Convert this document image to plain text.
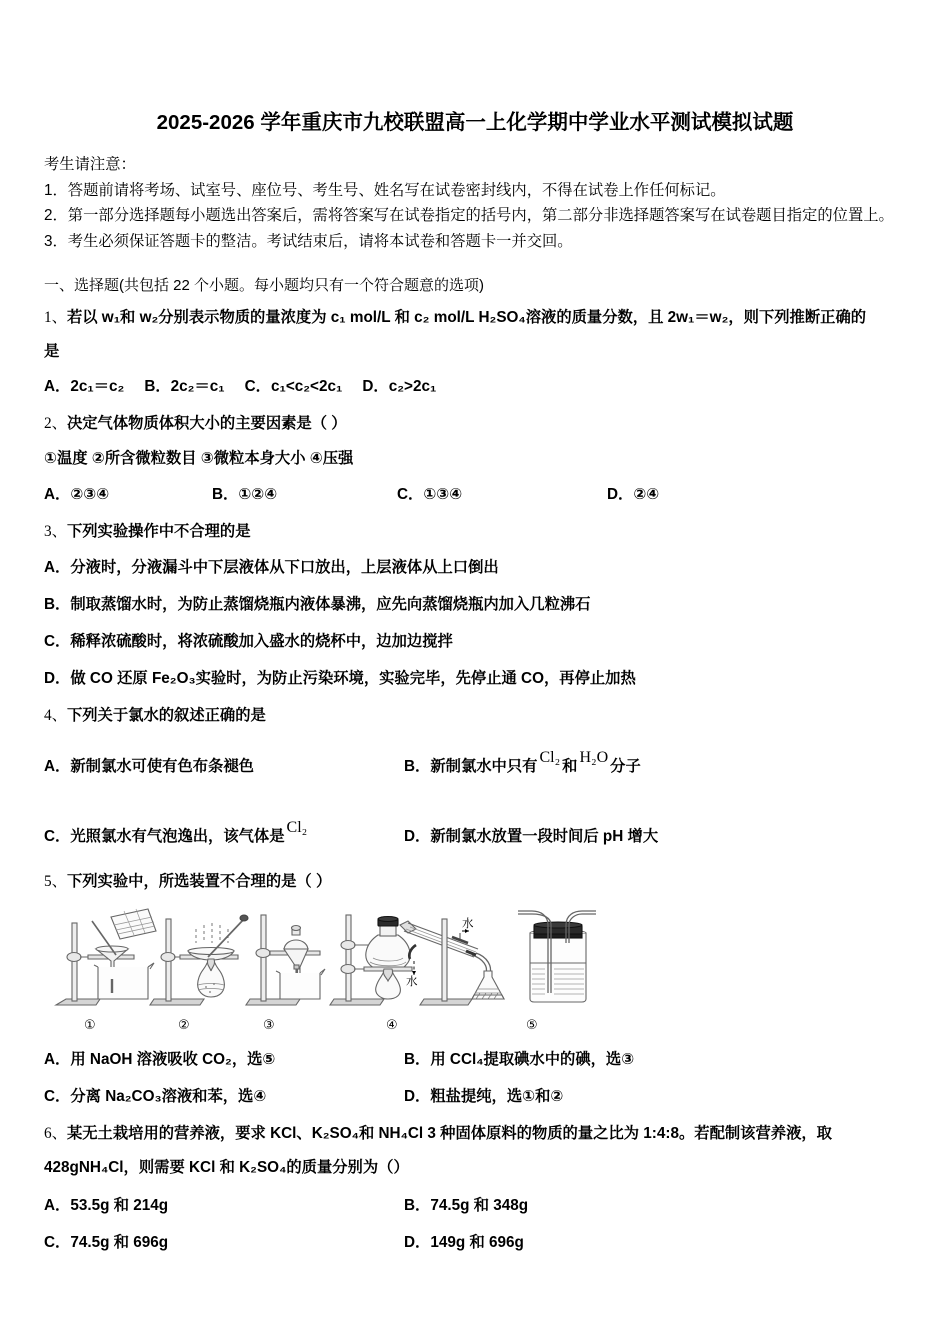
2025-2026 学年重庆市九校联盟高一上化学期中学业水平测试模拟试题
考生请注意：
1．答题前请将考场、试室号、座位号、考生号、姓名写在试卷密封线内，不得在试卷上作任何标记。
2．第一部分选择题每小题选出答案后，需将答案写在试卷指定的括号内，第二部分非选择题答案写在试卷题目指定的位置上。
3．考生必须保证答题卡的整洁。考试结束后，请将本试卷和答题卡一并交回。
一、选择题(共包括 22 个小题。每小题均只有一个符合题意的选项)
1、若以 w₁和 w₂分别表示物质的量浓度为 c₁ mol/L 和 c₂ mol/L H₂SO₄溶液的质量分数，且 2w₁＝w₂，则下列推断正确的
是
A．2c₁＝c₂ B．2c₂＝c₁ C．c₁<c₂<2c₁ D．c₂>2c₁
2、决定气体物质体积大小的主要因素是（ ）
①温度 ②所含微粒数目 ③微粒本身大小 ④压强
A．②③④	B．①②④	C．①③④	D．②④
3、下列实验操作中不合理的是
A．分液时，分液漏斗中下层液体从下口放出，上层液体从上口倒出
B．制取蒸馏水时，为防止蒸馏烧瓶内液体暴沸，应先向蒸馏烧瓶内加入几粒沸石
C．稀释浓硫酸时，将浓硫酸加入盛水的烧杯中，边加边搅拌
D．做 CO 还原 Fe₂O₃实验时，为防止污染环境，实验完毕，先停止通 CO，再停止加热
4、下列关于氯水的叙述正确的是
A．新制氯水可使有色布条褪色	B．新制氯水中只有Cl₂和H₂O分子
C．光照氯水有气泡逸出，该气体是Cl₂
D．新制氯水放置一段时间后 pH 增大
5、下列实验中，所选装置不合理的是（ ）
水
水
①	②	③	④	⑤
A．用 NaOH 溶液吸收 CO₂，选⑤	B．用 CCl₄提取碘水中的碘，选③
C．分离 Na₂CO₃溶液和苯，选④	D．粗盐提纯，选①和②
6、某无土栽培用的营养液，要求 KCl、K₂SO₄和 NH₄Cl 3 种固体原料的物质的量之比为 1:4:8。若配制该营养液，取
428gNH₄Cl，则需要 KCl 和 K₂SO₄的质量分别为（）
A．53.5g 和 214g	B．74.5g 和 348g
C．74.5g 和 696g	D．149g 和 696g
